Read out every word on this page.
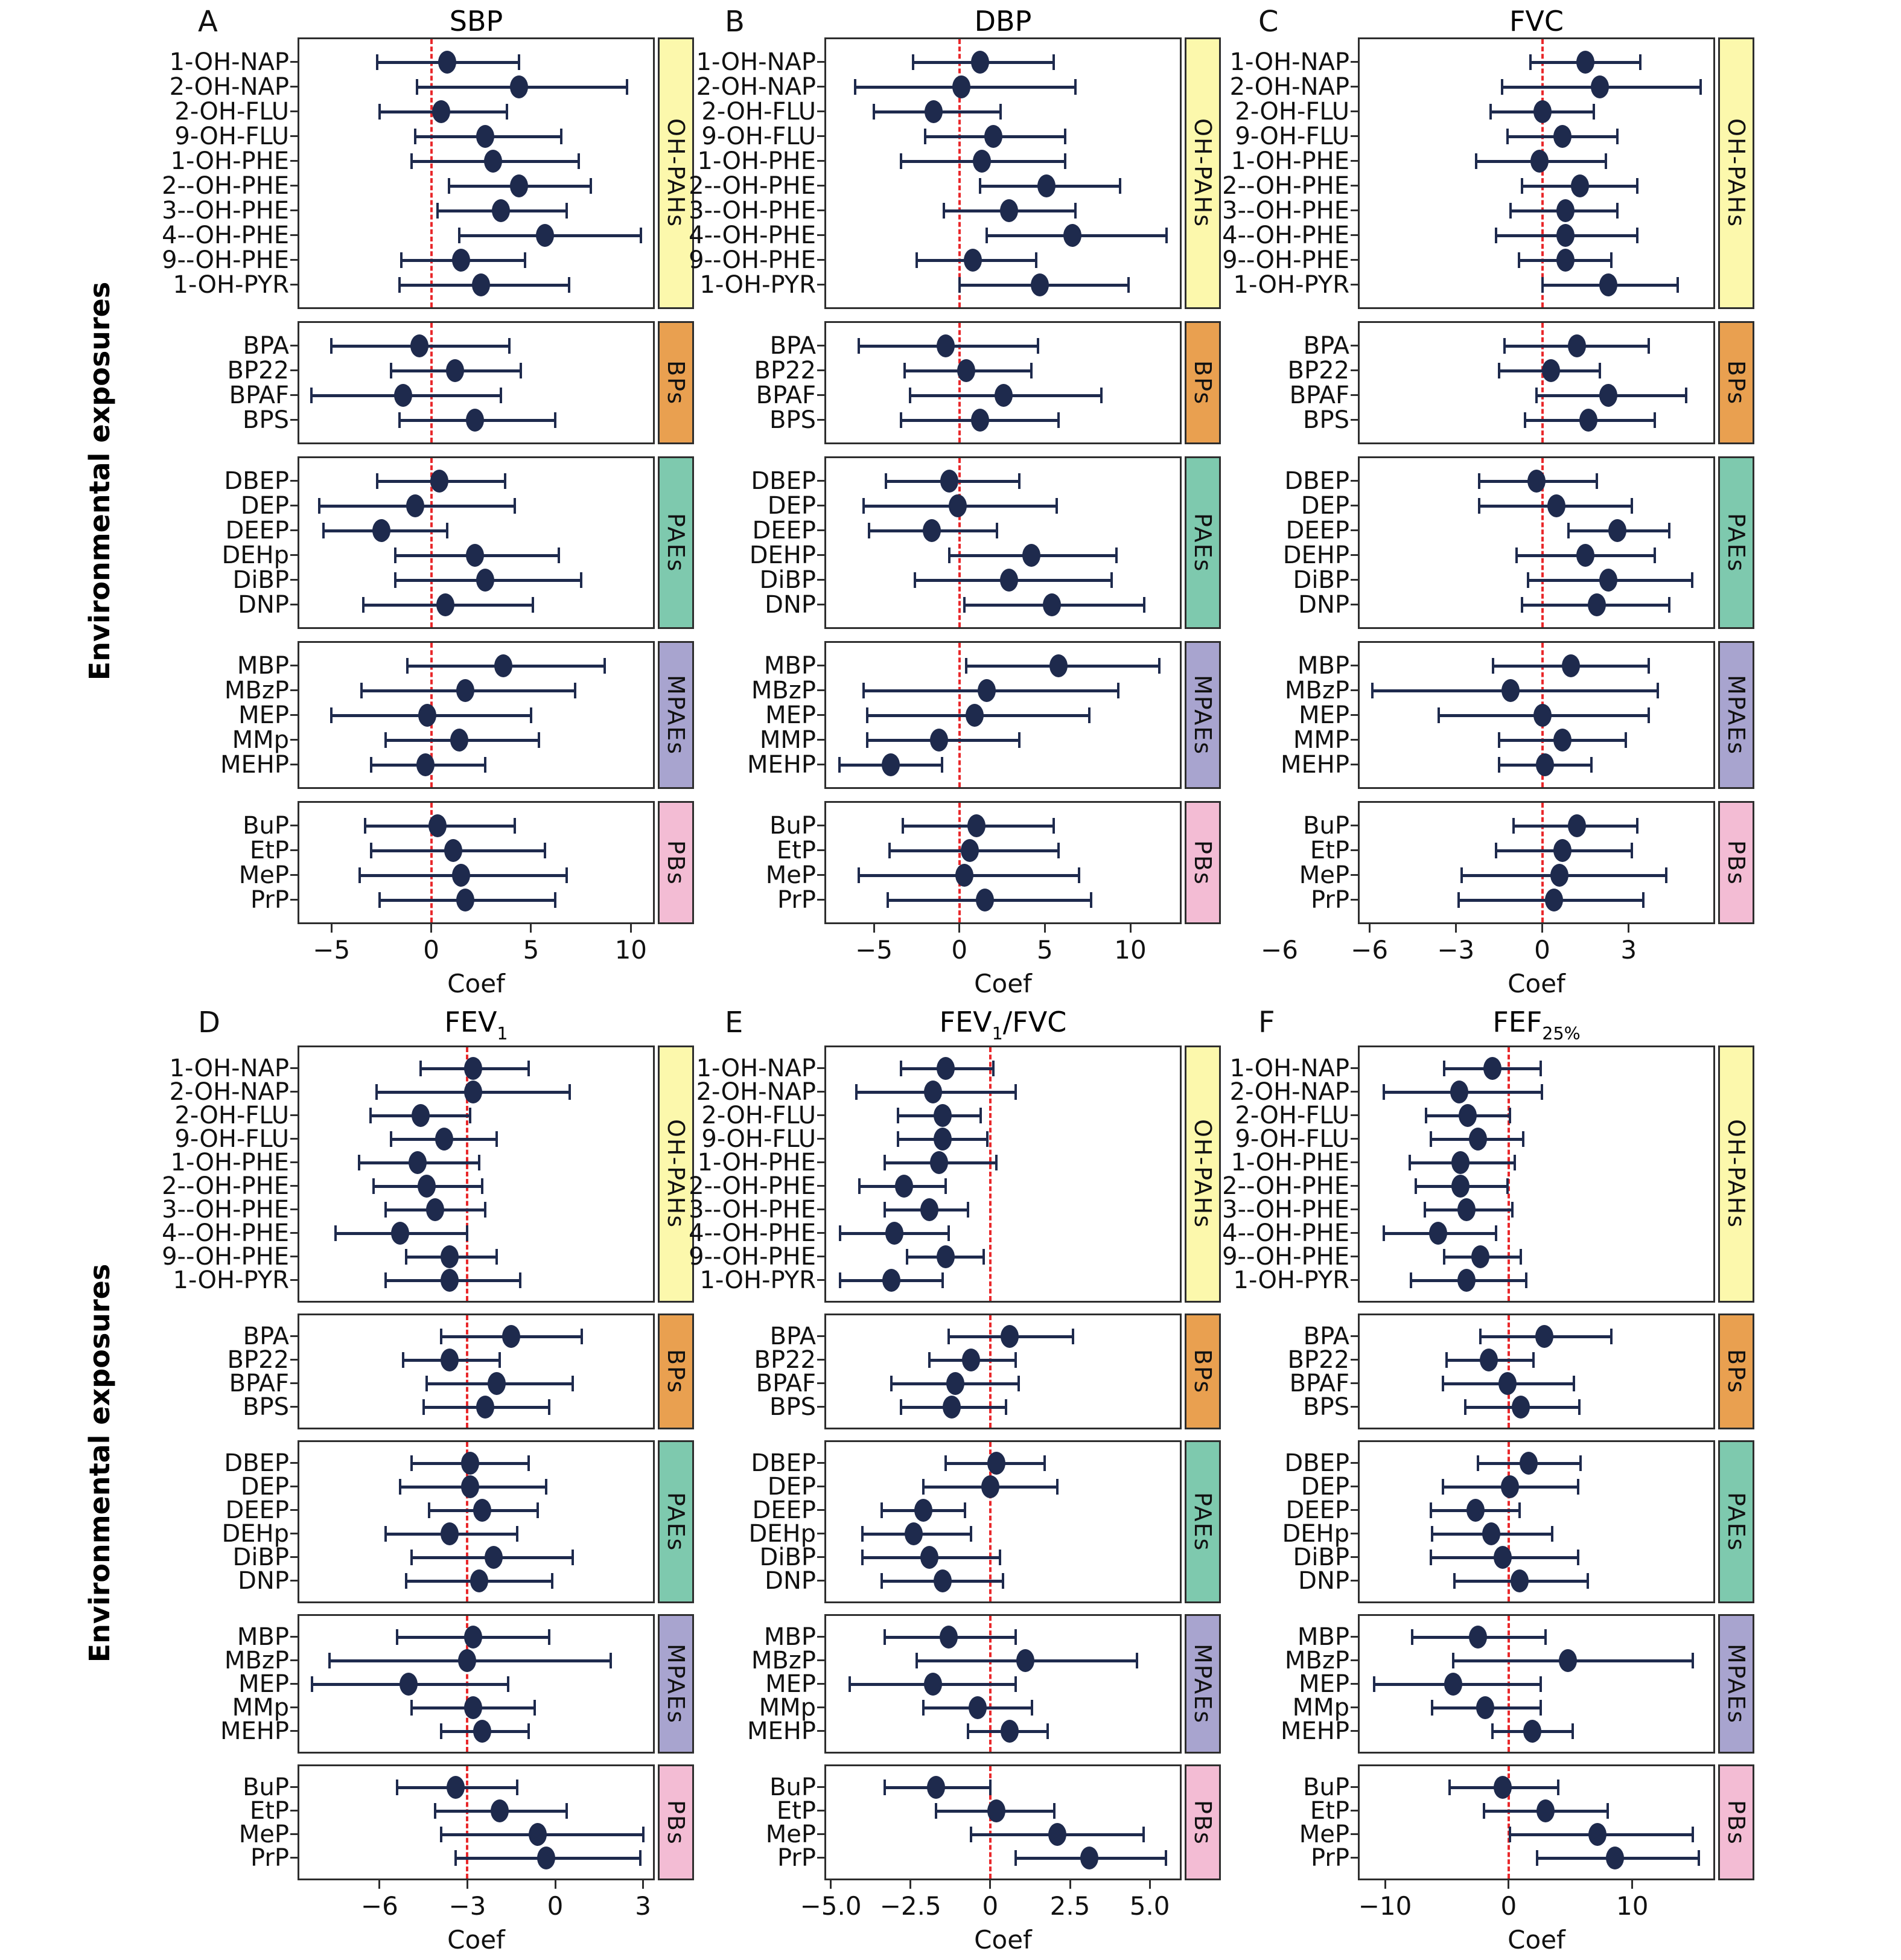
A	SBP
OH-PAHs
1-OH-NAP
2-OH-NAP
2-OH-FLU
9-OH-FLU
1-OH-PHE
2--OH-PHE
3--OH-PHE
4--OH-PHE
9--OH-PHE
1-OH-PYR
BPs
BPA
BP22
BPAF
BPS
PAEs
DBEP
DEP
DEEP
DEHp
DiBP
DNP
MPAEs
MBP
MBzP
MEP
MMp
MEHP
PBs
BuP
EtP
MeP
PrP
−5	0	5	10
Coef
B	DBP
OH-PAHs
1-OH-NAP
2-OH-NAP
2-OH-FLU
9-OH-FLU
1-OH-PHE
2--OH-PHE
3--OH-PHE
4--OH-PHE
9--OH-PHE
1-OH-PYR
BPs
BPA
BP22
BPAF
BPS
PAEs
DBEP
DEP
DEEP
DEHP
DiBP
DNP
MPAEs
MBP
MBzP
MEP
MMP
MEHP
PBs
BuP
EtP
MeP
PrP
−5	0	5	10
Coef
C	FVC
OH-PAHs
1-OH-NAP
2-OH-NAP
2-OH-FLU
9-OH-FLU
1-OH-PHE
2--OH-PHE
3--OH-PHE
4--OH-PHE
9--OH-PHE
1-OH-PYR
BPs
BPA
BP22
BPAF
BPS
PAEs
DBEP
DEP
DEEP
DEHP
DiBP
DNP
MPAEs
MBP
MBzP
MEP
MMP
MEHP
PBs
BuP
EtP
MeP
PrP
−6	−3	0	3
−6
Coef
D	$FEV_1$
OH-PAHs
1-OH-NAP
2-OH-NAP
2-OH-FLU
9-OH-FLU
1-OH-PHE
2--OH-PHE
3--OH-PHE
4--OH-PHE
9--OH-PHE
1-OH-PYR
BPs
BPA
BP22
BPAF
BPS
PAEs
DBEP
DEP
DEEP
DEHp
DiBP
DNP
MPAEs
MBP
MBzP
MEP
MMp
MEHP
PBs
BuP
EtP
MeP
PrP
−6	−3	0	3
Coef
E	$FEV_1$/FVC
OH-PAHs
1-OH-NAP
2-OH-NAP
2-OH-FLU
9-OH-FLU
1-OH-PHE
2--OH-PHE
3--OH-PHE
4--OH-PHE
9--OH-PHE
1-OH-PYR
BPs
BPA
BP22
BPAF
BPS
PAEs
DBEP
DEP
DEEP
DEHp
DiBP
DNP
MPAEs
MBP
MBzP
MEP
MMp
MEHP
PBs
BuP
EtP
MeP
PrP
−5.0 −2.5	0	2.5	5.0
Coef
F	$FEF_{25\%}$
OH-PAHs
1-OH-NAP
2-OH-NAP
2-OH-FLU
9-OH-FLU
1-OH-PHE
2--OH-PHE
3--OH-PHE
4--OH-PHE
9--OH-PHE
1-OH-PYR
BPs
BPA
BP22
BPAF
BPS
PAEs
DBEP
DEP
DEEP
DEHp
DiBP
DNP
MPAEs
MBP
MBzP
MEP
MMp
MEHP
PBs
BuP
EtP
MeP
PrP
−10	0	10
Coef
Environmental exposures
Environmental exposures
